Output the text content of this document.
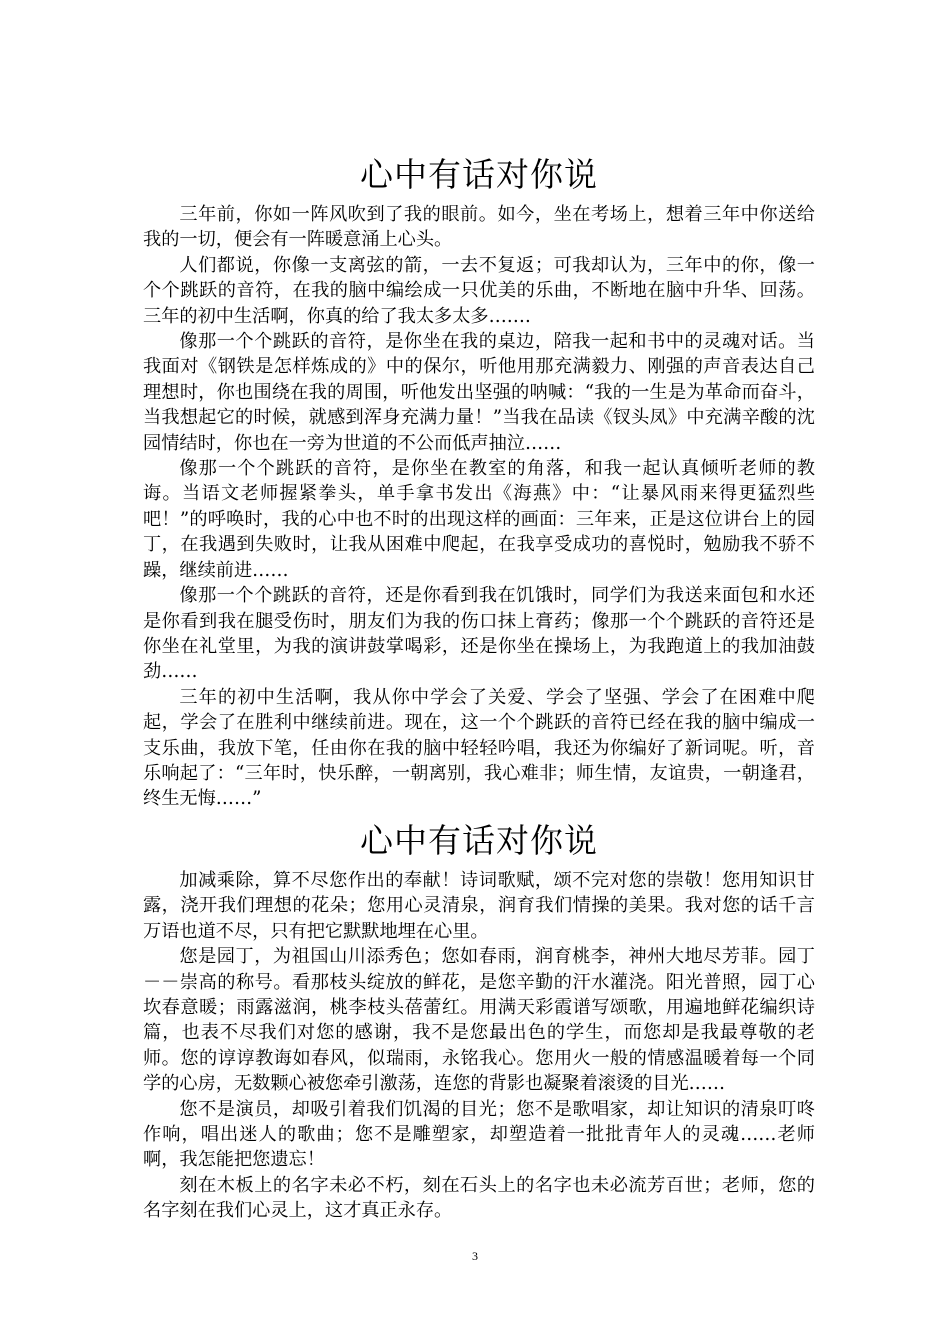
心中有话对你说

三年前，你如一阵风吹到了我的眼前。如今，坐在考场上，想着三年中你送给我的一切，便会有一阵暖意涌上心头。

人们都说，你像一支离弦的箭，一去不复返；可我却认为，三年中的你，像一个个跳跃的音符，在我的脑中编绘成一只优美的乐曲，不断地在脑中升华、回荡。三年的初中生活啊，你真的给了我太多太多…….

像那一个个跳跃的音符，是你坐在我的桌边，陪我一起和书中的灵魂对话。当我面对《钢铁是怎样炼成的》中的保尔，听他用那充满毅力、刚强的声音表达自己理想时，你也围绕在我的周围，听他发出坚强的呐喊：“我的一生是为革命而奋斗，当我想起它的时候，就感到浑身充满力量！”当我在品读《钗头凤》中充满辛酸的沈园情结时，你也在一旁为世道的不公而低声抽泣……

像那一个个跳跃的音符，是你坐在教室的角落，和我一起认真倾听老师的教诲。当语文老师握紧拳头，单手拿书发出《海燕》中：“让暴风雨来得更猛烈些吧！”的呼唤时，我的心中也不时的出现这样的画面：三年来，正是这位讲台上的园丁，在我遇到失败时，让我从困难中爬起，在我享受成功的喜悦时，勉励我不骄不躁，继续前进……

像那一个个跳跃的音符，还是你看到我在饥饿时，同学们为我送来面包和水还是你看到我在腿受伤时，朋友们为我的伤口抹上膏药；像那一个个跳跃的音符还是你坐在礼堂里，为我的演讲鼓掌喝彩，还是你坐在操场上，为我跑道上的我加油鼓劲……

三年的初中生活啊，我从你中学会了关爱、学会了坚强、学会了在困难中爬起，学会了在胜利中继续前进。现在，这一个个跳跃的音符已经在我的脑中编成一支乐曲，我放下笔，任由你在我的脑中轻轻吟唱，我还为你编好了新词呢。听，音乐响起了：“三年时，快乐醉，一朝离别，我心难非；师生情，友谊贵，一朝逢君，终生无悔……”

心中有话对你说

加减乘除，算不尽您作出的奉献！诗词歌赋，颂不完对您的崇敬！您用知识甘露，浇开我们理想的花朵；您用心灵清泉，润育我们情操的美果。我对您的话千言万语也道不尽，只有把它默默地埋在心里。

您是园丁，为祖国山川添秀色；您如春雨，润育桃李，神州大地尽芳菲。园丁－－崇高的称号。看那枝头绽放的鲜花，是您辛勤的汗水灌浇。阳光普照，园丁心坎春意暖；雨露滋润，桃李枝头蓓蕾红。用满天彩霞谱写颂歌，用遍地鲜花编织诗篇，也表不尽我们对您的感谢，我不是您最出色的学生，而您却是我最尊敬的老师。您的谆谆教诲如春风，似瑞雨，永铭我心。您用火一般的情感温暖着每一个同学的心房，无数颗心被您牵引激荡，连您的背影也凝聚着滚烫的目光……

您不是演员，却吸引着我们饥渴的目光；您不是歌唱家，却让知识的清泉叮咚作响，唱出迷人的歌曲；您不是雕塑家，却塑造着一批批青年人的灵魂……老师啊，我怎能把您遗忘！

刻在木板上的名字未必不朽，刻在石头上的名字也未必流芳百世；老师，您的名字刻在我们心灵上，这才真正永存。

3
